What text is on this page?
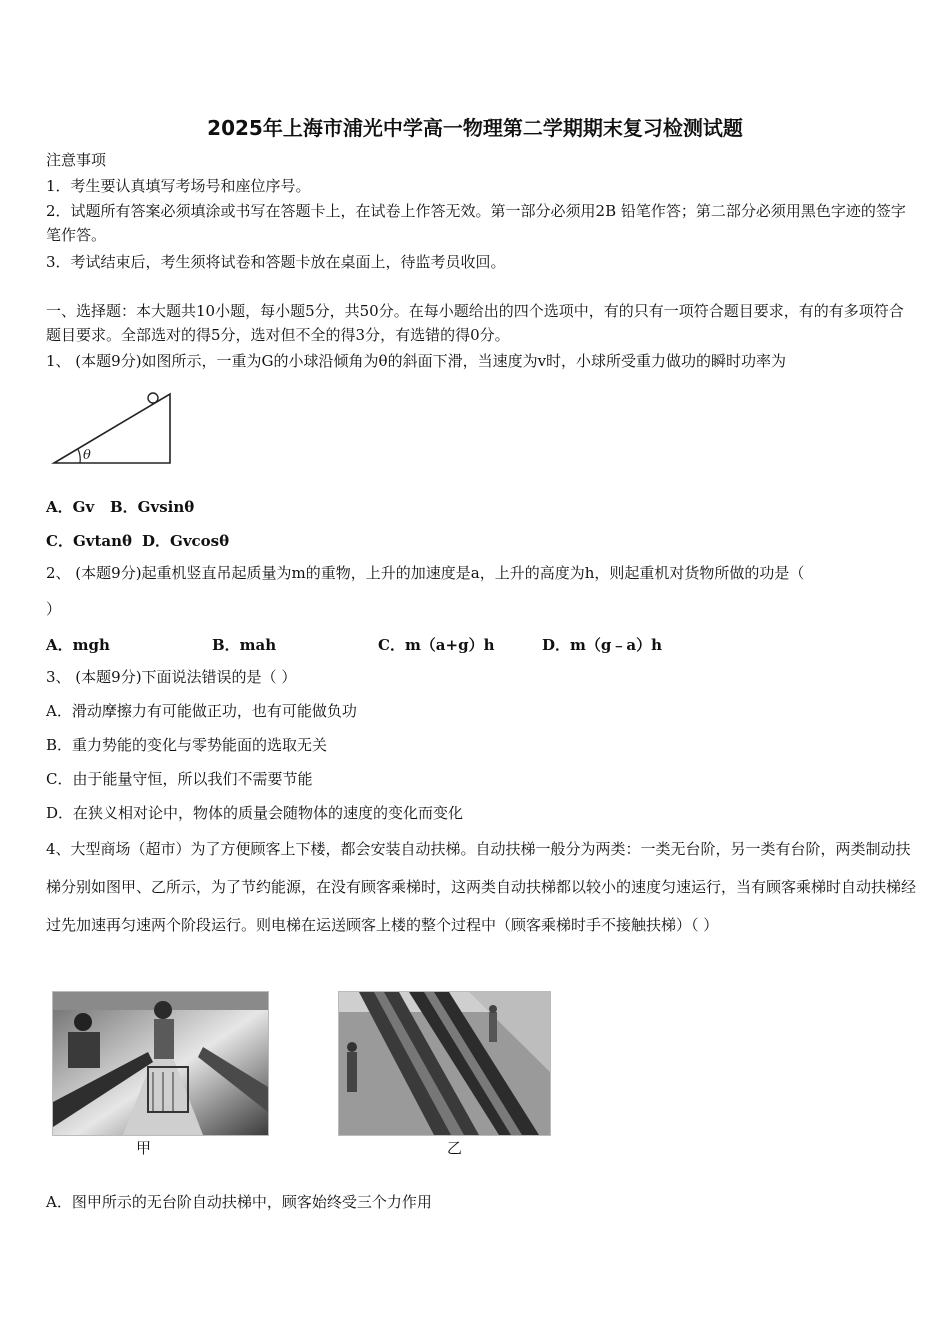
2025年上海市浦光中学高一物理第二学期期末复习检测试题
注意事项
1．考生要认真填写考场号和座位序号。
2．试题所有答案必须填涂或书写在答题卡上，在试卷上作答无效。第一部分必须用2B 铅笔作答；第二部分必须用黑色字迹的签字笔作答。
3．考试结束后，考生须将试卷和答题卡放在桌面上，待监考员收回。
一、选择题：本大题共10小题，每小题5分，共50分。在每小题给出的四个选项中，有的只有一项符合题目要求，有的有多项符合题目要求。全部选对的得5分，选对但不全的得3分，有选错的得0分。
1、 (本题9分)如图所示，一重为G的小球沿倾角为θ的斜面下滑，当速度为v时，小球所受重力做功的瞬时功率为
θ
A．Gv B．Gvsinθ
C．Gvtanθ D．Gvcosθ
2、 (本题9分)起重机竖直吊起质量为m的重物，上升的加速度是a，上升的高度为h，则起重机对货物所做的功是（
）
A．mgh	B．mah	C．m（a+g）h	D．m（g﹣a）h
3、 (本题9分)下面说法错误的是（ ）
A．滑动摩擦力有可能做正功，也有可能做负功
B．重力势能的变化与零势能面的选取无关
C．由于能量守恒，所以我们不需要节能
D．在狭义相对论中，物体的质量会随物体的速度的变化而变化
4、大型商场（超市）为了方便顾客上下楼，都会安装自动扶梯。自动扶梯一般分为两类：一类无台阶，另一类有台阶，两类制动扶梯分别如图甲、乙所示，为了节约能源，在没有顾客乘梯时，这两类自动扶梯都以较小的速度匀速运行，当有顾客乘梯时自动扶梯经过先加速再匀速两个阶段运行。则电梯在运送顾客上楼的整个过程中（顾客乘梯时手不接触扶梯）（ ）
甲	乙
A．图甲所示的无台阶自动扶梯中，顾客始终受三个力作用
